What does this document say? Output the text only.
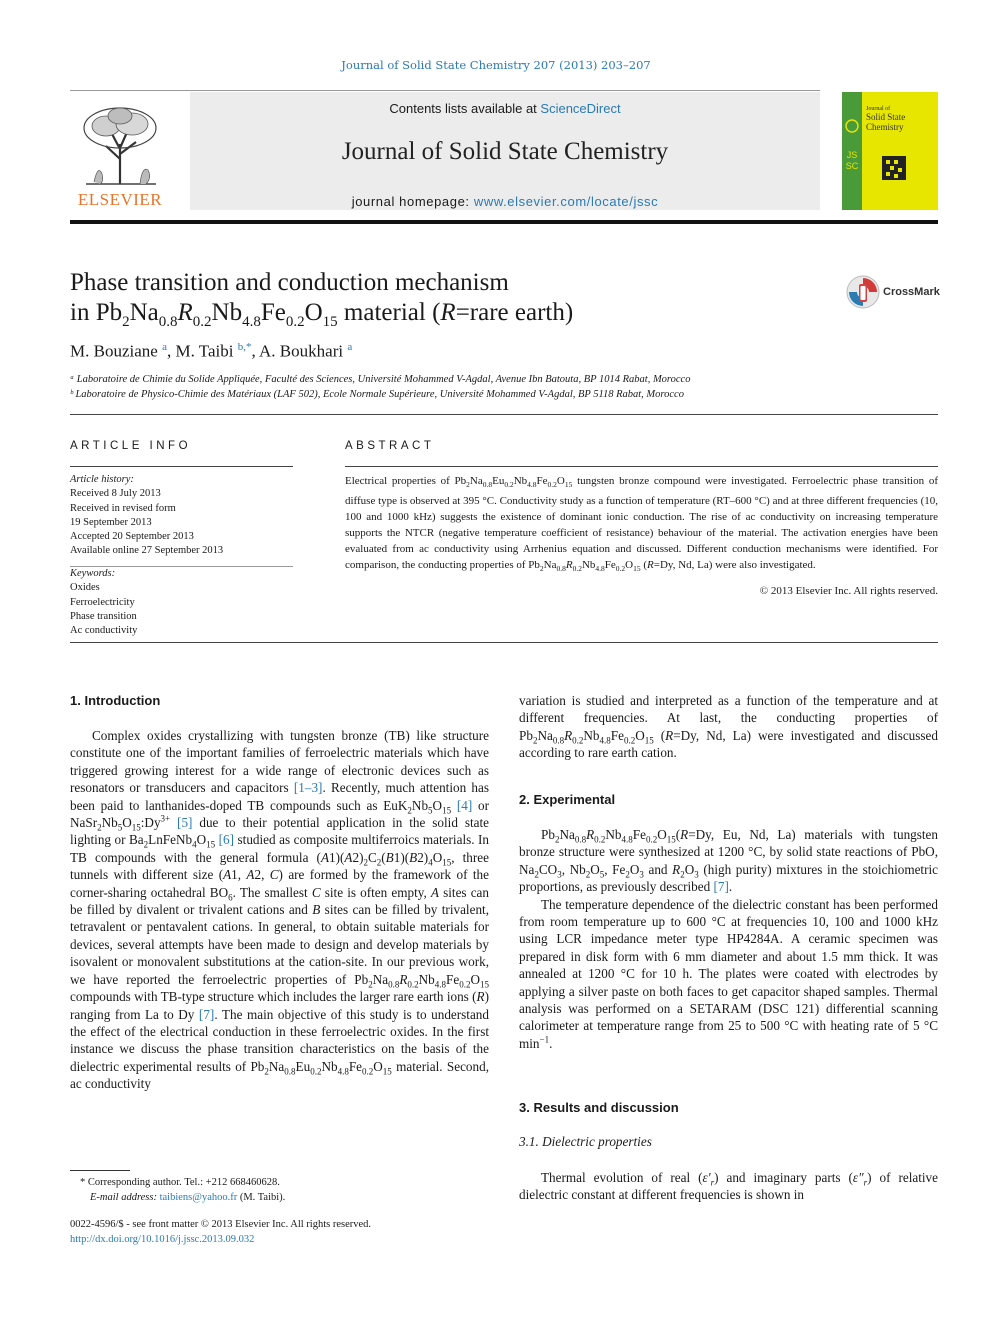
Journal of Solid State Chemistry 207 (2013) 203–207
ELSEVIER
Contents lists available at ScienceDirect
Journal of Solid State Chemistry
journal homepage: www.elsevier.com/locate/jssc
Journal of
Solid State
Chemistry
JSSC
Phase transition and conduction mechanism
in $Pb_2Na_{0.8}R_{0.2}Nb_{4.8}Fe_{0.2}O_{15}$ material (R=rare earth)
CrossMark
M. Bouziane $^a$, M. Taibi $^{b,*}$, A. Boukhari $^a$
ᵃ Laboratoire de Chimie du Solide Appliquée, Faculté des Sciences, Université Mohammed V-Agdal, Avenue Ibn Batouta, BP 1014 Rabat, Morocco
ᵇ Laboratoire de Physico-Chimie des Matériaux (LAF 502), Ecole Normale Supérieure, Université Mohammed V-Agdal, BP 5118 Rabat, Morocco
ARTICLE INFO
Article history:
Received 8 July 2013
Received in revised form
19 September 2013
Accepted 20 September 2013
Available online 27 September 2013
Keywords:
Oxides
Ferroelectricity
Phase transition
Ac conductivity
ABSTRACT
Electrical properties of $Pb_2Na_{0.8}Eu_{0.2}Nb_{4.8}Fe_{0.2}O_{15}$ tungsten bronze compound were investigated. Ferroelectric phase transition of diffuse type is observed at 395 °C. Conductivity study as a function of temperature (RT–600 °C) and at three different frequencies (10, 100 and 1000 kHz) suggests the existence of dominant ionic conduction. The rise of ac conductivity on increasing temperature supports the NTCR (negative temperature coefficient of resistance) behaviour of the material. The activation energies have been evaluated from ac conductivity using Arrhenius equation and discussed. Different conduction mechanisms were identified. For comparison, the conducting properties of $Pb_2Na_{0.8}R_{0.2}Nb_{4.8}Fe_{0.2}O_{15}$ (R=Dy, Nd, La) were also investigated.
© 2013 Elsevier Inc. All rights reserved.
1. Introduction

Complex oxides crystallizing with tungsten bronze (TB) like structure constitute one of the important families of ferroelectric materials which have triggered growing interest for a wide range of electronic devices such as resonators or transducers and capacitors [1–3]. Recently, much attention has been paid to lanthanides-doped TB compounds such as $EuK_2Nb_5O_{15}$ [4] or $NaSr_2Nb_5O_{15}:Dy^{3+}$ [5] due to their potential application in the solid state lighting or $Ba_2LnFeNb_4O_{15}$ [6] studied as composite multiferroics materials. In TB compounds with the general formula $(A1)(A2)_2C_2(B1)(B2)_4O_{15}$, three tunnels with different size (A1, A2, C) are formed by the framework of the corner-sharing octahedral $BO_6$. The smallest C site is often empty, A sites can be filled by divalent or trivalent cations and B sites can be filled by trivalent, tetravalent or pentavalent cations. In general, to obtain suitable materials for devices, several attempts have been made to design and develop materials by isovalent or monovalent substitutions at the cation-site. In our previous work, we have reported the ferroelectric properties of $Pb_2Na_{0.8}R_{0.2}Nb_{4.8}Fe_{0.2}O_{15}$ compounds with TB-type structure which includes the larger rare earth ions (R) ranging from La to Dy [7]. The main objective of this study is to understand the effect of the electrical conduction in these ferroelectric oxides. In the first instance we discuss the phase transition characteristics on the basis of the dielectric experimental results of $Pb_2Na_{0.8}Eu_{0.2}Nb_{4.8}Fe_{0.2}O_{15}$ material. Second, ac conductivity

variation is studied and interpreted as a function of the temperature and at different frequencies. At last, the conducting properties of $Pb_2Na_{0.8}R_{0.2}Nb_{4.8}Fe_{0.2}O_{15}$ (R=Dy, Nd, La) were investigated and discussed according to rare earth cation.
2. Experimental

$Pb_2Na_{0.8}R_{0.2}Nb_{4.8}Fe_{0.2}O_{15}(R=Dy$, Eu, Nd, La) materials with tungsten bronze structure were synthesized at 1200 °C, by solid state reactions of PbO, $Na_2CO_3$, $Nb_2O_5$, $Fe_2O_3$ and $R_2O_3$ (high purity) mixtures in the stoichiometric proportions, as previously described [7].

The temperature dependence of the dielectric constant has been performed from room temperature up to 600 °C at frequencies 10, 100 and 1000 kHz using LCR impedance meter type HP4284A. A ceramic specimen was prepared in disk form with 6 mm diameter and about 1.5 mm thick. It was annealed at 1200 °C for 10 h. The plates were coated with electrodes by applying a silver paste on both faces to get capacitor shaped samples. Thermal analysis was performed on a SETARAM (DSC 121) differential scanning calorimeter at temperature range from 25 to 500 °C with heating rate of 5 °C $\min^{-1}$.

3. Results and discussion
3.1. Dielectric properties

Thermal evolution of real $(\varepsilon'_r)$ and imaginary parts $(\varepsilon''_r)$ of relative dielectric constant at different frequencies is shown in

* Corresponding author. Tel.: +212 668460628.
E-mail address: taibiens@yahoo.fr (M. Taibi).
0022-4596/$ - see front matter © 2013 Elsevier Inc. All rights reserved.
http://dx.doi.org/10.1016/j.jssc.2013.09.032
